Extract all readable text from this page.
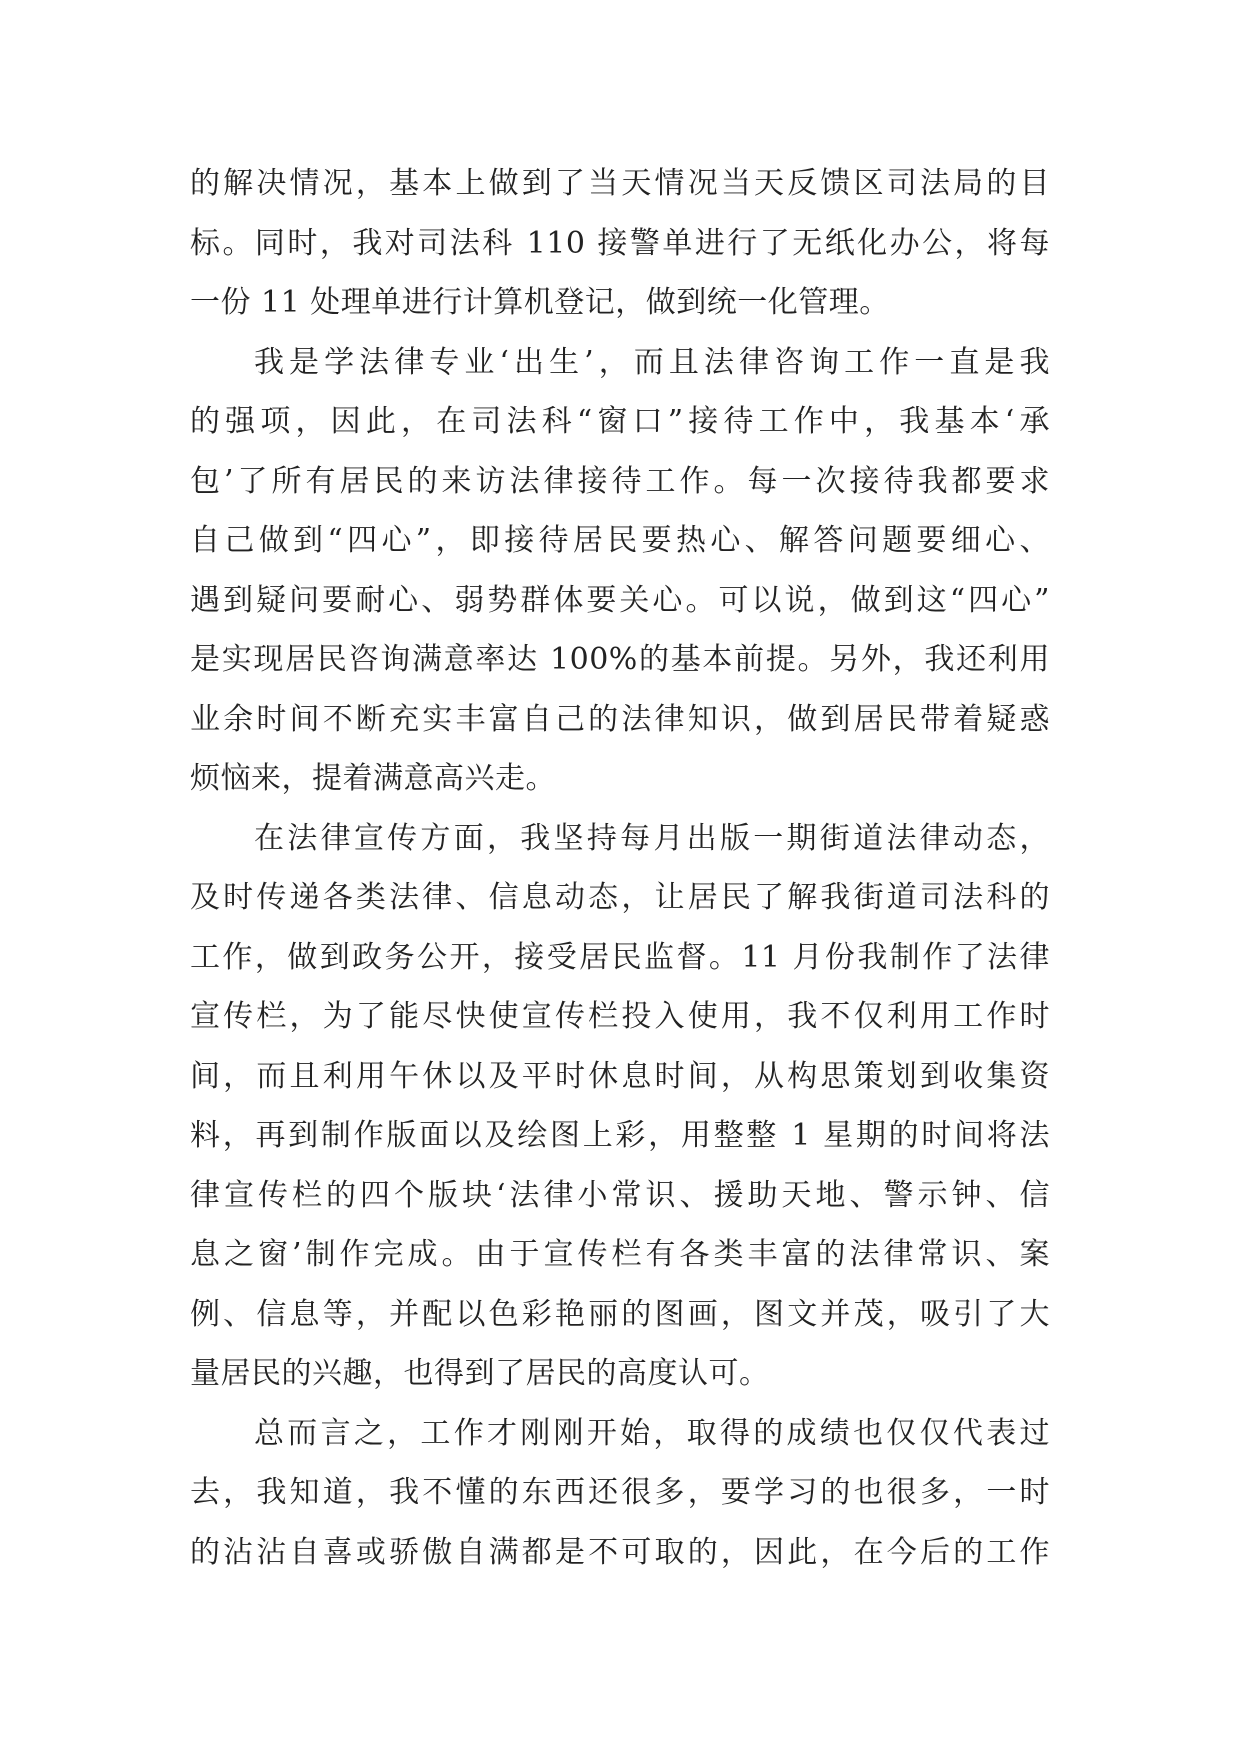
的解决情况，基本上做到了当天情况当天反馈区司法局的目
标。同时，我对司法科 110 接警单进行了无纸化办公，将每
一份 11 处理单进行计算机登记，做到统一化管理。
我是学法律专业‘出生’，而且法律咨询工作一直是我
的强项，因此，在司法科“窗口”接待工作中，我基本‘承
包’了所有居民的来访法律接待工作。每一次接待我都要求
自己做到“四心”，即接待居民要热心、解答问题要细心、
遇到疑问要耐心、弱势群体要关心。可以说，做到这“四心”
是实现居民咨询满意率达 100%的基本前提。另外，我还利用
业余时间不断充实丰富自己的法律知识，做到居民带着疑惑
烦恼来，提着满意高兴走。
在法律宣传方面，我坚持每月出版一期街道法律动态，
及时传递各类法律、信息动态，让居民了解我街道司法科的
工作，做到政务公开，接受居民监督。11 月份我制作了法律
宣传栏，为了能尽快使宣传栏投入使用，我不仅利用工作时
间，而且利用午休以及平时休息时间，从构思策划到收集资
料，再到制作版面以及绘图上彩，用整整 1 星期的时间将法
律宣传栏的四个版块‘法律小常识、援助天地、警示钟、信
息之窗’制作完成。由于宣传栏有各类丰富的法律常识、案
例、信息等，并配以色彩艳丽的图画，图文并茂，吸引了大
量居民的兴趣，也得到了居民的高度认可。
总而言之，工作才刚刚开始，取得的成绩也仅仅代表过
去，我知道，我不懂的东西还很多，要学习的也很多，一时
的沾沾自喜或骄傲自满都是不可取的，因此，在今后的工作
